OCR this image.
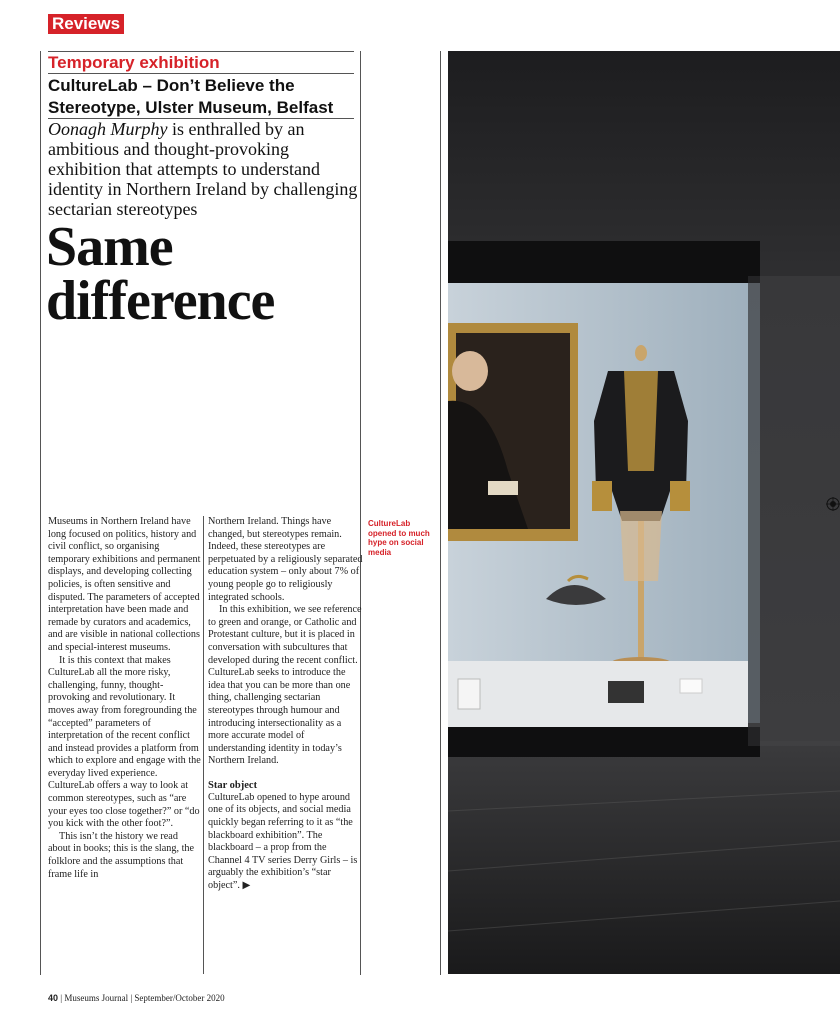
Reviews
Temporary exhibition
CultureLab – Don’t Believe the
Stereotype, Ulster Museum, Belfast
Oonagh Murphy is enthralled by an ambitious and thought-provoking exhibition that attempts to understand identity in Northern Ireland by challenging sectarian stereotypes
Same
difference

Museums in Northern Ireland have long focused on politics, history and civil conflict, so organising temporary exhibitions and permanent displays, and developing collecting policies, is often sensitive and disputed. The parameters of accepted interpretation have been made and remade by curators and academics, and are visible in national collections and special-interest museums.

It is this context that makes CultureLab all the more risky, challenging, funny, thought-provoking and revolutionary. It moves away from foregrounding the “accepted” parameters of interpretation of the recent conflict and instead provides a platform from which to explore and engage with the everyday lived experience. CultureLab offers a way to look at common stereotypes, such as “are your eyes too close together?” or “do you kick with the other foot?”.

This isn’t the history we read about in books; this is the slang, the folklore and the assumptions that frame life in

Northern Ireland. Things have changed, but stereotypes remain. Indeed, these stereotypes are perpetuated by a religiously separated education system – only about 7% of young people go to religiously integrated schools.

In this exhibition, we see reference to green and orange, or Catholic and Protestant culture, but it is placed in conversation with subcultures that developed during the recent conflict. CultureLab seeks to introduce the idea that you can be more than one thing, challenging sectarian stereotypes through humour and introducing intersectionality as a more accurate model of understanding identity in today’s Northern Ireland.

Star object

CultureLab opened to hype around one of its objects, and social media quickly began referring to it as “the blackboard exhibition”. The blackboard – a prop from the Channel 4 TV series Derry Girls – is arguably the exhibition’s “star object”. ▶

CultureLab opened to much hype on social media
40 | Museums Journal | September/October 2020
